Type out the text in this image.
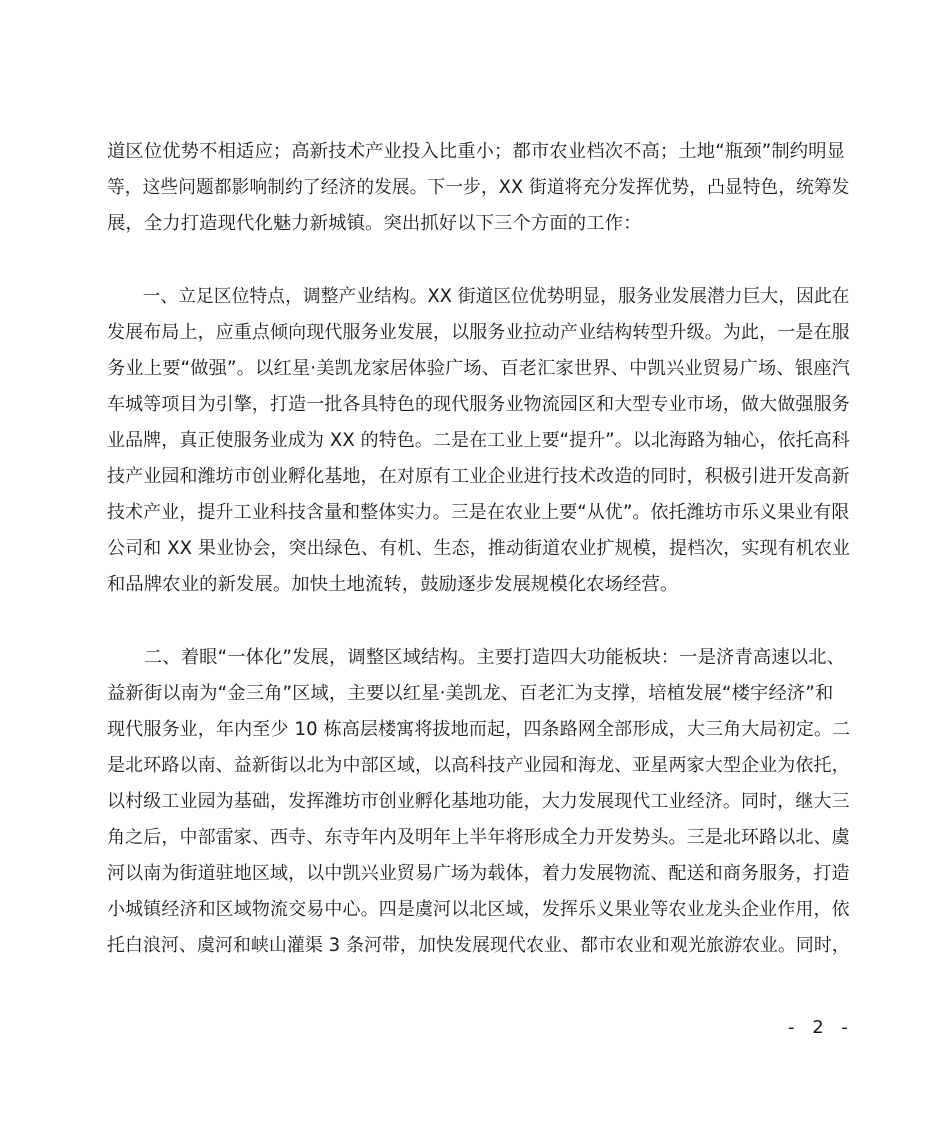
道区位优势不相适应；高新技术产业投入比重小；都市农业档次不高；土地“瓶颈”制约明显
等，这些问题都影响制约了经济的发展。下一步，XX 街道将充分发挥优势，凸显特色，统筹发
展，全力打造现代化魅力新城镇。突出抓好以下三个方面的工作：
　　一、立足区位特点，调整产业结构。XX 街道区位优势明显，服务业发展潜力巨大，因此在
发展布局上，应重点倾向现代服务业发展，以服务业拉动产业结构转型升级。为此，一是在服
务业上要“做强”。以红星·美凯龙家居体验广场、百老汇家世界、中凯兴业贸易广场、银座汽
车城等项目为引擎，打造一批各具特色的现代服务业物流园区和大型专业市场，做大做强服务
业品牌，真正使服务业成为 XX 的特色。二是在工业上要“提升”。以北海路为轴心，依托高科
技产业园和潍坊市创业孵化基地，在对原有工业企业进行技术改造的同时，积极引进开发高新
技术产业，提升工业科技含量和整体实力。三是在农业上要“从优”。依托潍坊市乐义果业有限
公司和 XX 果业协会，突出绿色、有机、生态，推动街道农业扩规模，提档次，实现有机农业
和品牌农业的新发展。加快土地流转，鼓励逐步发展规模化农场经营。
　　二、着眼“一体化”发展，调整区域结构。主要打造四大功能板块：一是济青高速以北、
益新街以南为“金三角”区域，主要以红星·美凯龙、百老汇为支撑，培植发展“楼宇经济”和
现代服务业，年内至少 10 栋高层楼寓将拔地而起，四条路网全部形成，大三角大局初定。二
是北环路以南、益新街以北为中部区域，以高科技产业园和海龙、亚星两家大型企业为依托，
以村级工业园为基础，发挥潍坊市创业孵化基地功能，大力发展现代工业经济。同时，继大三
角之后，中部雷家、西寺、东寺年内及明年上半年将形成全力开发势头。三是北环路以北、虞
河以南为街道驻地区域，以中凯兴业贸易广场为载体，着力发展物流、配送和商务服务，打造
小城镇经济和区域物流交易中心。四是虞河以北区域，发挥乐义果业等农业龙头企业作用，依
托白浪河、虞河和峡山灌渠 3 条河带，加快发展现代农业、都市农业和观光旅游农业。同时，
- 2 -
